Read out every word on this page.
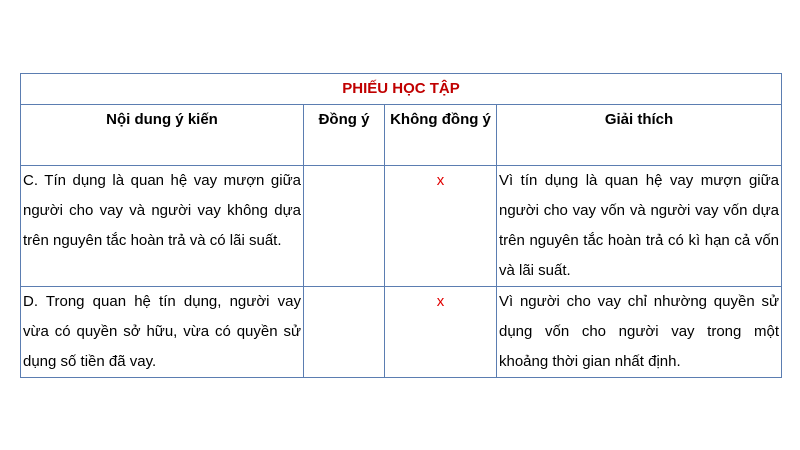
PHIẾU HỌC TẬP			
Nội dung ý kiến	Đồng ý	Không đồng ý	Giải thích
C. Tín dụng là quan hệ vay mượn giữa người cho vay và người vay không dựa trên nguyên tắc hoàn trả và có lãi suất.		x	Vì tín dụng là quan hệ vay mượn giữa người cho vay vốn và người vay vốn dựa trên nguyên tắc hoàn trả có kì hạn cả vốn và lãi suất.
D. Trong quan hệ tín dụng, người vay vừa có quyền sở hữu, vừa có quyền sử dụng số tiền đã vay.		x	Vì người cho vay chỉ nhường quyền sử dụng vốn cho người vay trong một khoảng thời gian nhất định.
